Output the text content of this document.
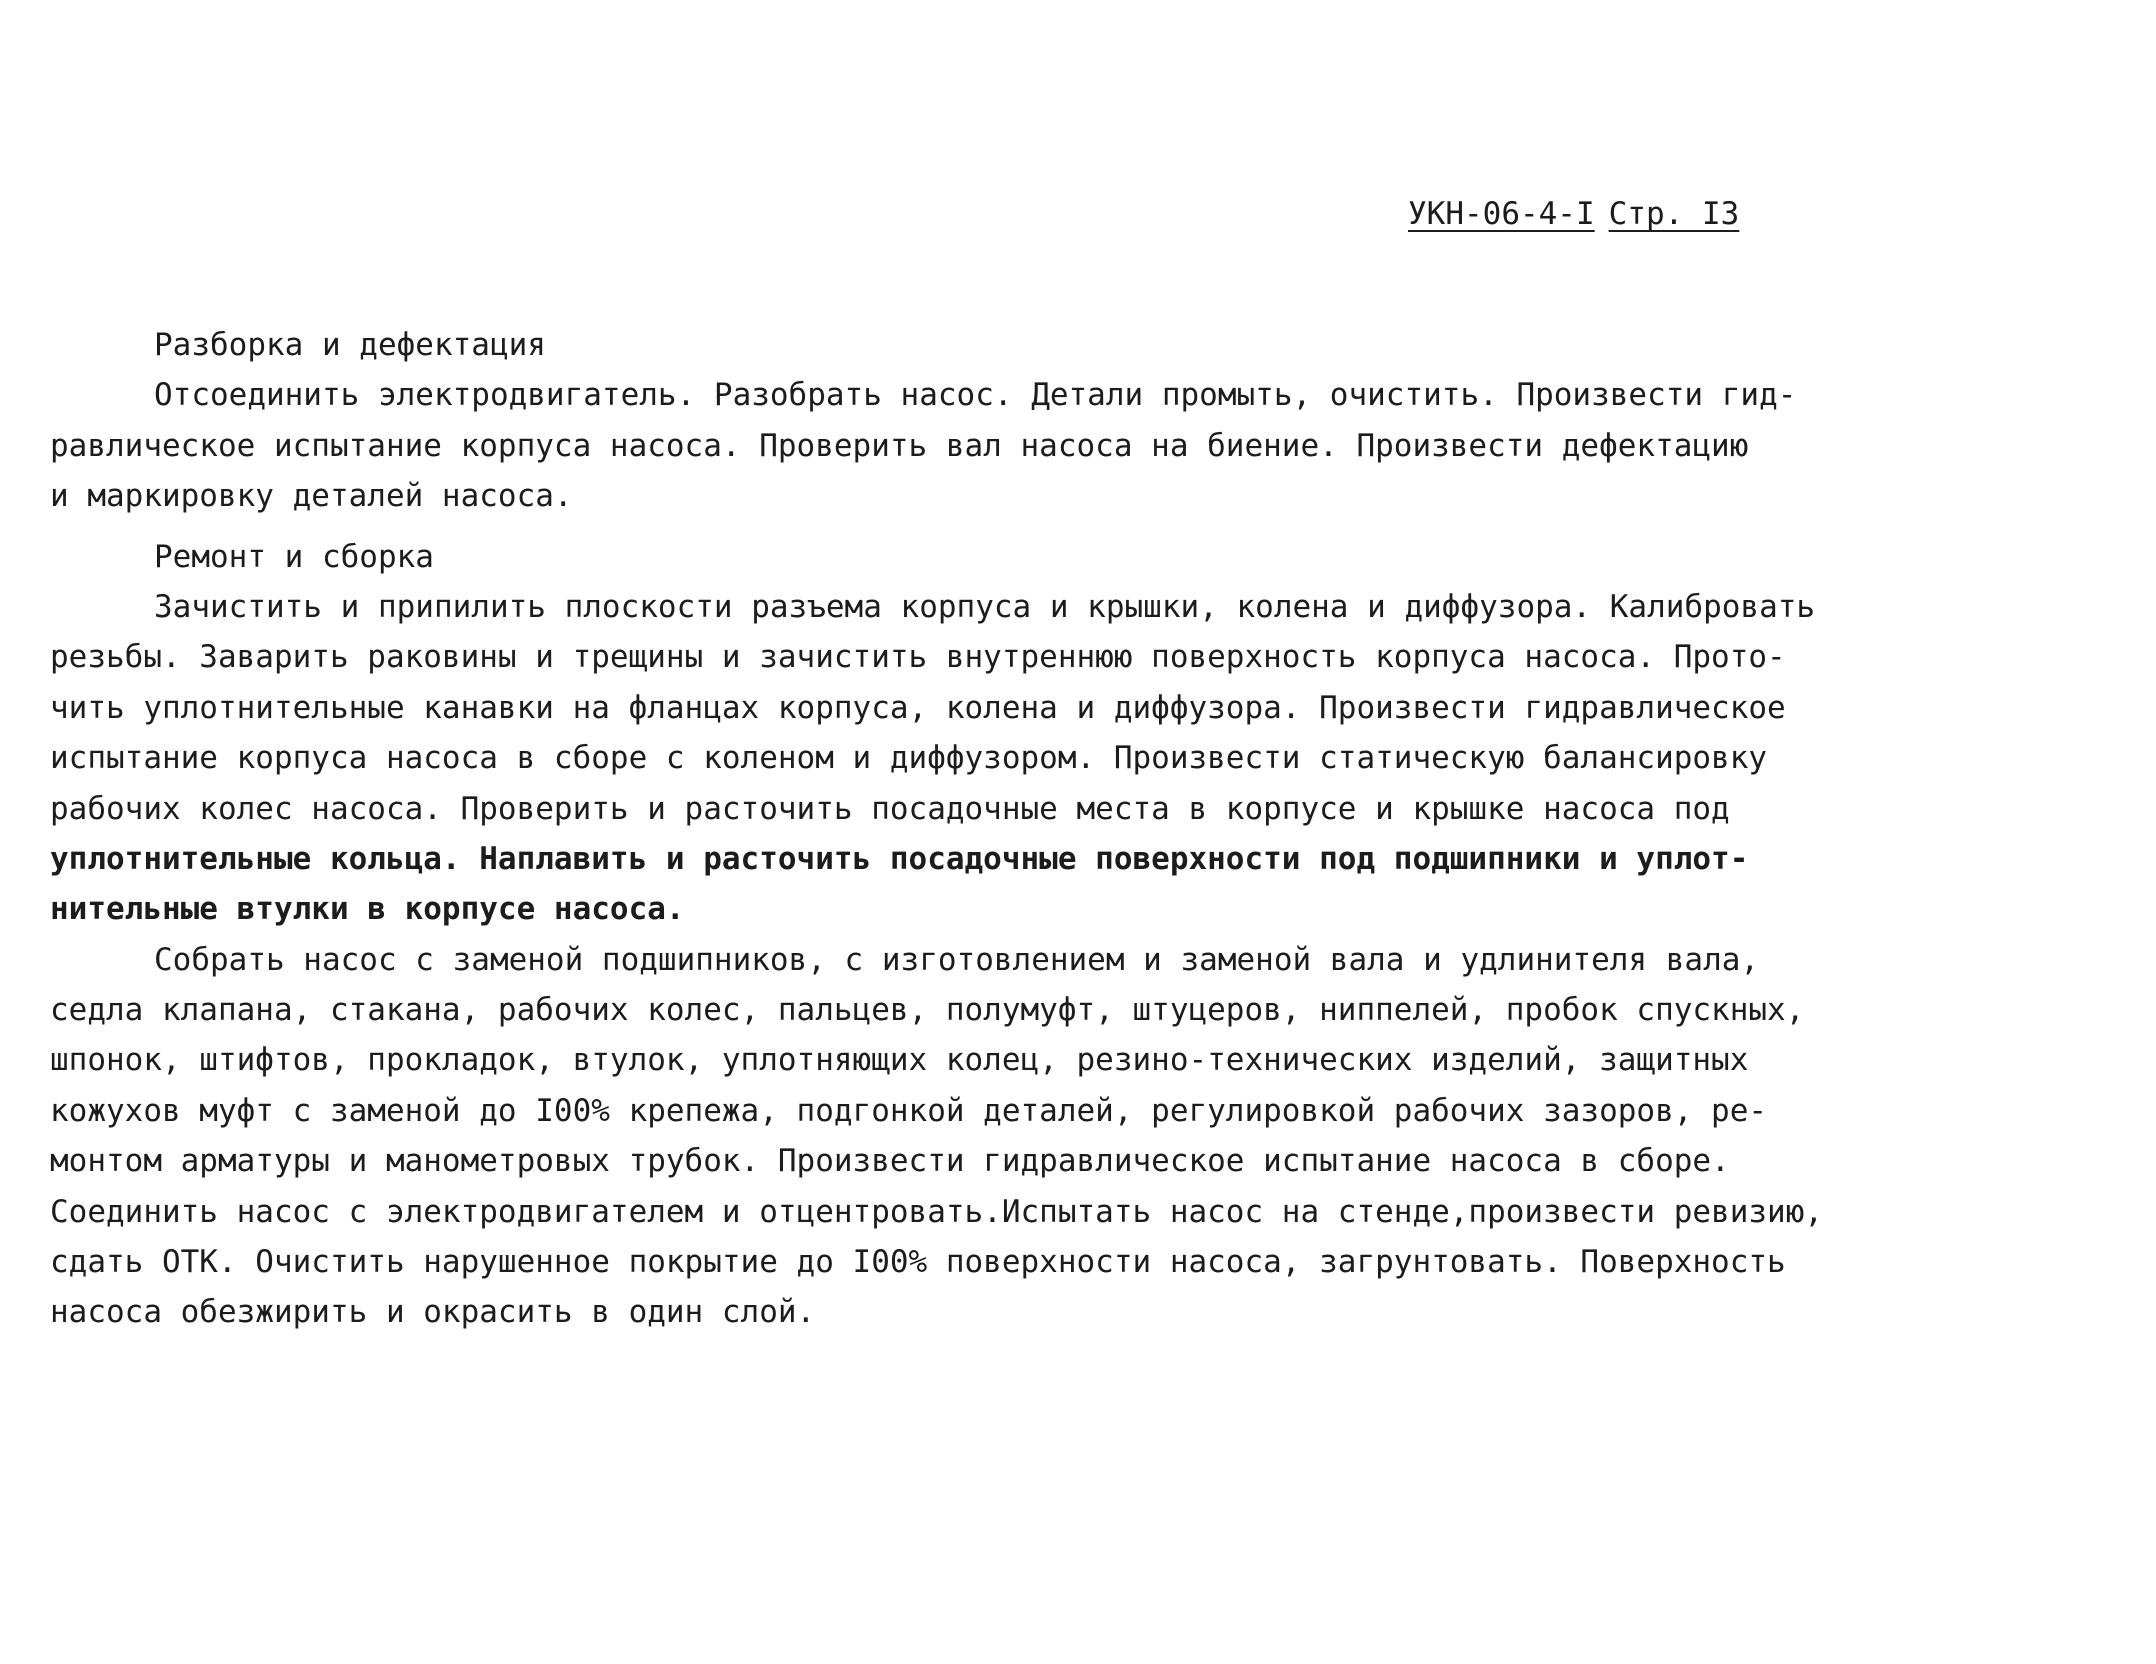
УКН-06-4-I Стр. I3
Разборка и дефектация
Отсоединить электродвигатель. Разобрать насос. Детали промыть, очистить. Произвести гид-
равлическое испытание корпуса насоса. Проверить вал насоса на биение. Произвести дефектацию
и маркировку деталей насоса.
Ремонт и сборка
Зачистить и припилить плоскости разъема корпуса и крышки, колена и диффузора. Калибровать
резьбы. Заварить раковины и трещины и зачистить внутреннюю поверхность корпуса насоса. Прото-
чить уплотнительные канавки на фланцах корпуса, колена и диффузора. Произвести гидравлическое
испытание корпуса насоса в сборе с коленом и диффузором. Произвести статическую балансировку
рабочих колес насоса. Проверить и расточить посадочные места в корпусе и крышке насоса под
уплотнительные кольца. Наплавить и расточить посадочные поверхности под подшипники и уплот-
нительные втулки в корпусе насоса.
Собрать насос с заменой подшипников, с изготовлением и заменой вала и удлинителя вала,
седла клапана, стакана, рабочих колес, пальцев, полумуфт, штуцеров, ниппелей, пробок спускных,
шпонок, штифтов, прокладок, втулок, уплотняющих колец, резино-технических изделий, защитных
кожухов муфт с заменой до I00% крепежа, подгонкой деталей, регулировкой рабочих зазоров, ре-
монтом арматуры и манометровых трубок. Произвести гидравлическое испытание насоса в сборе.
Соединить насос с электродвигателем и отцентровать.Испытать насос на стенде,произвести ревизию,
сдать ОТК. Очистить нарушенное покрытие до I00% поверхности насоса, загрунтовать. Поверхность
насоса обезжирить и окрасить в один слой.
